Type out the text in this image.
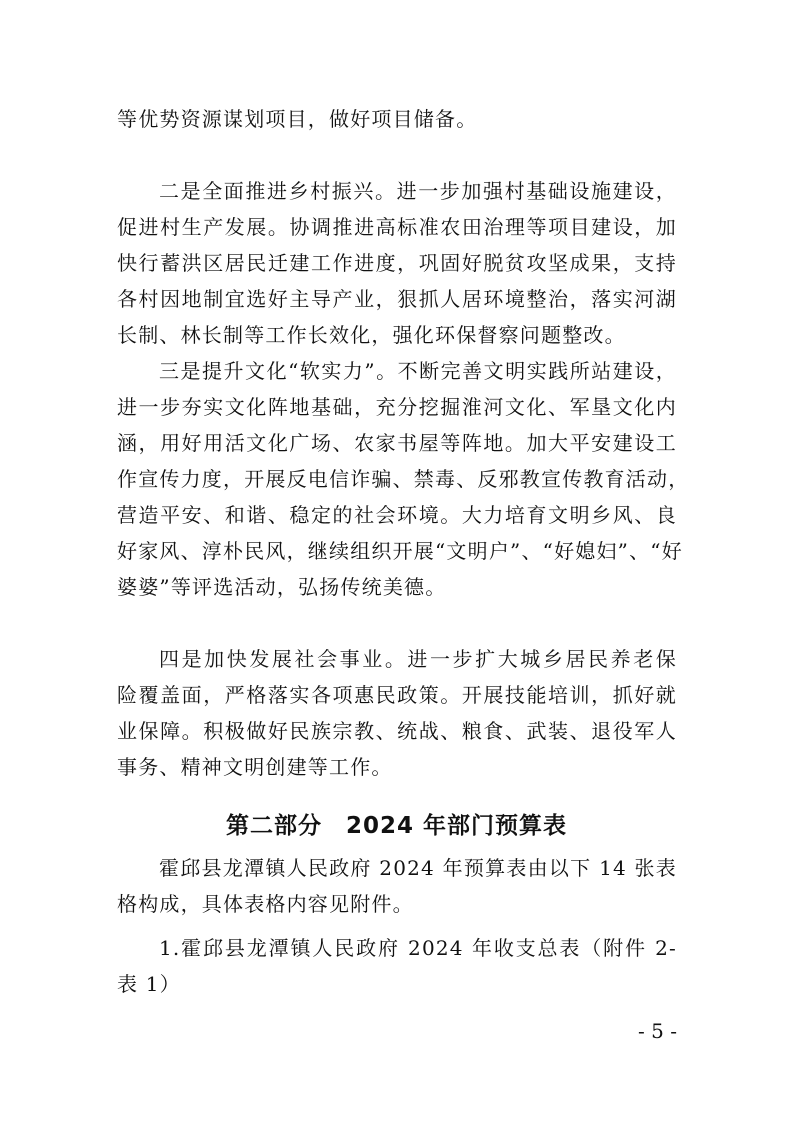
等优势资源谋划项目，做好项目储备。
二是全面推进乡村振兴。进一步加强村基础设施建设，
促进村生产发展。协调推进高标准农田治理等项目建设，加
快行蓄洪区居民迁建工作进度，巩固好脱贫攻坚成果，支持
各村因地制宜选好主导产业，狠抓人居环境整治，落实河湖
长制、林长制等工作长效化，强化环保督察问题整改。
三是提升文化“软实力”。不断完善文明实践所站建设，
进一步夯实文化阵地基础，充分挖掘淮河文化、军垦文化内
涵，用好用活文化广场、农家书屋等阵地。加大平安建设工
作宣传力度，开展反电信诈骗、禁毒、反邪教宣传教育活动，
营造平安、和谐、稳定的社会环境。大力培育文明乡风、良
好家风、淳朴民风，继续组织开展“文明户”、“好媳妇”、“好
婆婆”等评选活动，弘扬传统美德。
四是加快发展社会事业。进一步扩大城乡居民养老保
险覆盖面，严格落实各项惠民政策。开展技能培训，抓好就
业保障。积极做好民族宗教、统战、粮食、武装、退役军人
事务、精神文明创建等工作。
第二部分　2024 年部门预算表
霍邱县龙潭镇人民政府 2024 年预算表由以下 14 张表
格构成，具体表格内容见附件。
1.霍邱县龙潭镇人民政府 2024 年收支总表（附件 2-
表 1）
- 5 -
